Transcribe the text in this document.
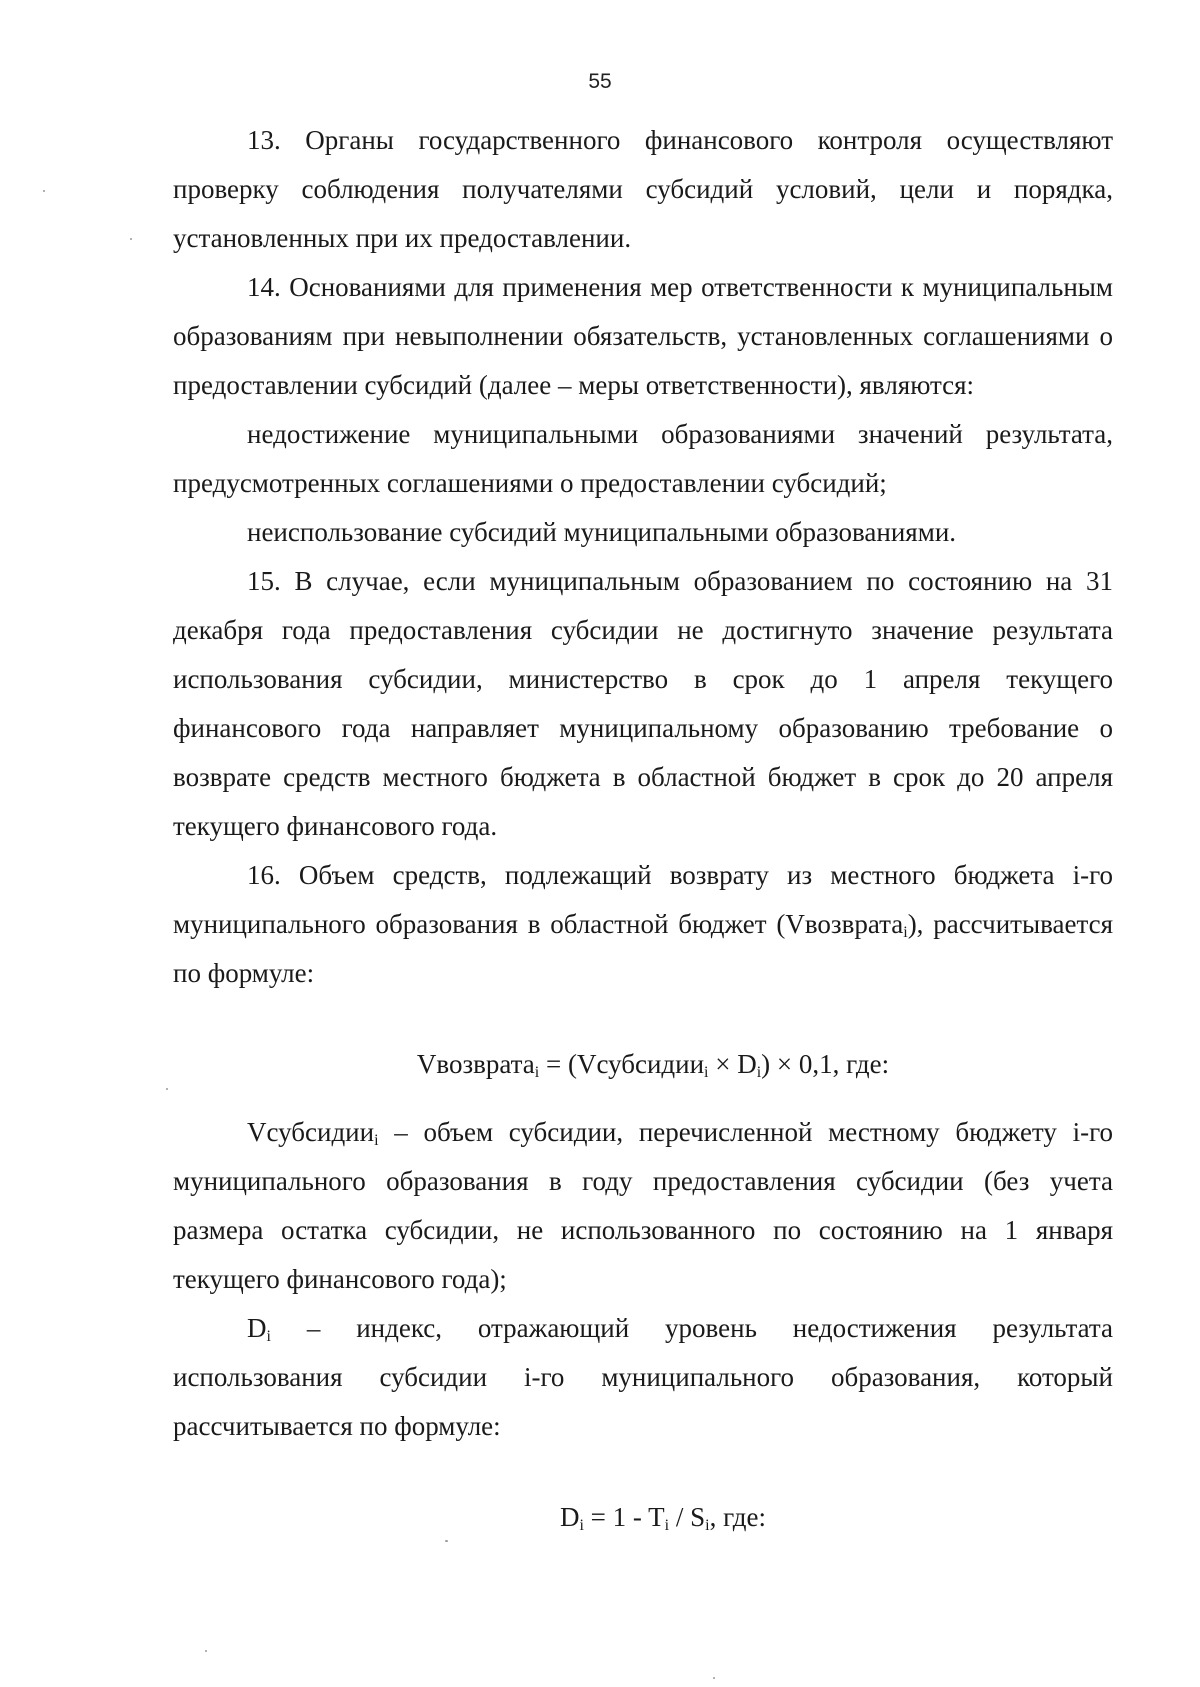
55

13. Органы государственного финансового контроля осуществляют проверку соблюдения получателями субсидий условий, цели и порядка, установленных при их предоставлении.

14. Основаниями для применения мер ответственности к муниципальным образованиям при невыполнении обязательств, установленных соглашениями о предоставлении субсидий (далее – меры ответственности), являются:

недостижение муниципальными образованиями значений результата, предусмотренных соглашениями о предоставлении субсидий;

неиспользование субсидий муниципальными образованиями.

15. В случае, если муниципальным образованием по состоянию на 31 декабря года предоставления субсидии не достигнуто значение результата использования субсидии, министерство в срок до 1 апреля текущего финансового года направляет муниципальному образованию требование о возврате средств местного бюджета в областной бюджет в срок до 20 апреля текущего финансового года.

16. Объем средств, подлежащий возврату из местного бюджета i-го муниципального образования в областной бюджет (Vвозврата$_i$), рассчитывается по формуле:

Vвозврата$_i$ = (Vсубсидии$_i$ × $D_i) \times 0,1$, где:

Vсубсидии$_i$ – объем субсидии, перечисленной местному бюджету i-го муниципального образования в году предоставления субсидии (без учета размера остатка субсидии, не использованного по состоянию на 1 января текущего финансового года);

$D_i$ – индекс, отражающий уровень недостижения результата использования субсидии i-го муниципального образования, который рассчитывается по формуле:

$D_i = 1 - T_i / S_i$, где:
